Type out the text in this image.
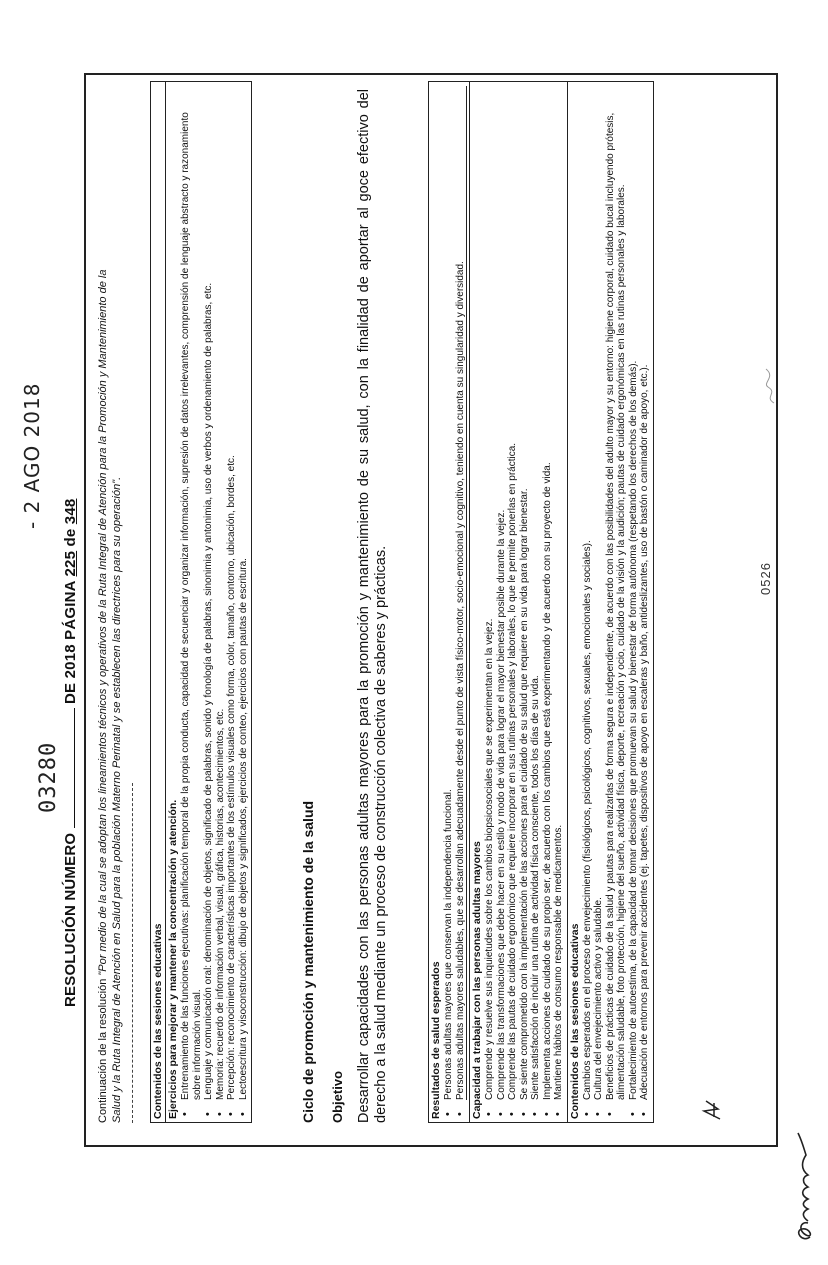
03280
- 2 AGO 2018
RESOLUCIÓN NÚMERO  DE 2018 PÁGINA 225 de 348
Continuación de la resolución "Por medio de la cual se adoptan los lineamientos técnicos y operativos de la Ruta Integral de Atención para la Promoción y Mantenimiento de la Salud y la Ruta Integral de Atención en Salud para la población Materno Perinatal y se establecen las directrices para su operación".	Contenidos de las sesiones educativas Ejercicios para mejorar y mantener la concentración y atención. • Entrenamiento de las funciones ejecutivas: planificación temporal de la propia conducta, capacidad de secuenciar y organizar información, supresión de datos irrelevantes, comprensión de lenguaje abstracto y razonamiento sobre información visual. • Lenguaje y comunicación oral: denominación de objetos, significado de palabras, sonido y fonología de palabras, sinonimia y antonimia, uso de verbos y ordenamiento de palabras, etc. • Memoria: recuerdo de información verbal, visual, gráfica, historias, acontecimientos, etc. • Percepción: reconocimiento de características importantes de los estímulos visuales como forma, color, tamaño, contorno, ubicación, bordes, etc. • Lectoescritura y visoconstrucción: dibujo de objetos y significados, ejercicios de conteo, ejercicios con pautas de escritura.	Ciclo de promoción y mantenimiento de la salud Objetivo Desarrollar capacidades con las personas adultas mayores para la promoción y mantenimiento de su salud, con la finalidad de aportar al goce efectivo del derecho a la salud mediante un proceso de construcción colectiva de saberes y prácticas.	Resultados de salud esperados • Personas adultas mayores que conservan la independencia funcional. • Personas adultas mayores saludables, que se desarrollan adecuadamente desde el punto de vista físico-motor, socio-emocional y cognitivo, teniendo en cuenta su singularidad y diversidad. Capacidad a trabajar con las personas adultas mayores • Comprende y resuelve sus inquietudes sobre los cambios biopsicosociales que se experimentan en la vejez. • Comprende las transformaciones que debe hacer en su estilo y modo de vida para lograr el mayor bienestar posible durante la vejez. • Comprende las pautas de cuidado ergonómico que requiere incorporar en sus rutinas personales y laborales, lo que le permite ponerlas en práctica. • Se siente comprometido con la implementación de las acciones para el cuidado de su salud que requiere en su vida para lograr bienestar. • Siente satisfacción de incluir una rutina de actividad física consciente, todos los días de su vida. • Implementa acciones de cuidado de su propio ser, de acuerdo con los cambios que está experimentando y de acuerdo con su proyecto de vida. • Mantiene hábitos de consumo responsable de medicamentos. Contenidos de las sesiones educativas • Cambios esperados en el proceso de envejecimiento (fisiológicos, psicológicos, cognitivos, sexuales, emocionales y sociales). • Cultura del envejecimiento activo y saludable. • Beneficios de prácticas de cuidado de la salud y pautas para realizarlas de forma segura e independiente, de acuerdo con las posibilidades del adulto mayor y su entorno: higiene corporal, cuidado bucal incluyendo prótesis, alimentación saludable, foto protección, higiene del sueño, actividad física, deporte, recreación y ocio, cuidado de la visión y la audición; pautas de cuidado ergonómicas en las rutinas personales y laborales. • Fortalecimiento de autoestima, de la capacidad de tomar decisiones que promuevan su salud y bienestar de forma autónoma (respetando los derechos de los demás). • Adecuación de entornos para prevenir accidentes (ej. tapetes, dispositivos de apoyo en escaleras y baño, antideslizantes, uso de bastón o caminador de apoyo, etc.).	0526
